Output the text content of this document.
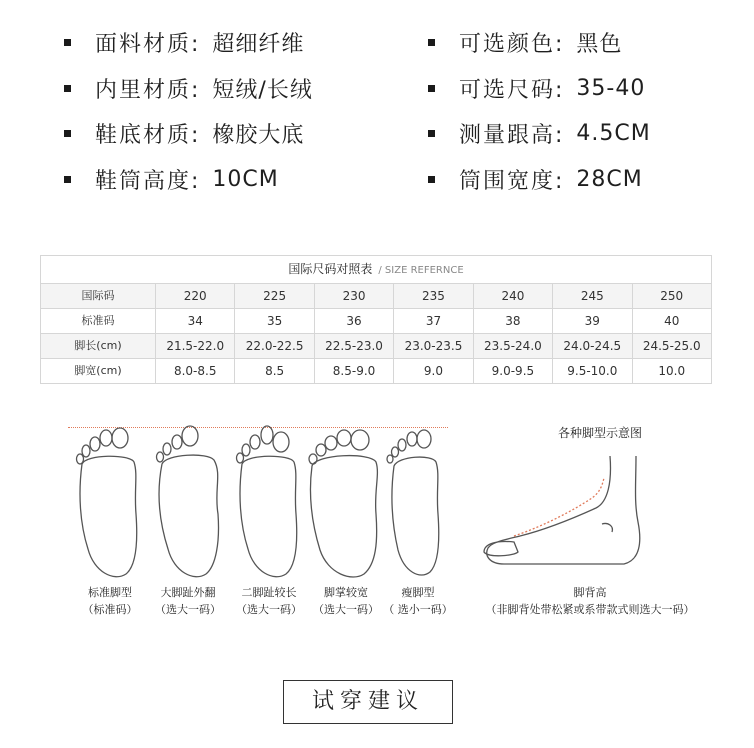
面料材质: 超细纤维	可选颜色: 黑色
内里材质: 短绒/长绒	可选尺码: 35-40
鞋底材质: 橡胶大底	测量跟高: 4.5CM
鞋筒高度: 10CM	筒围宽度: 28CM
国际尺码对照表 / SIZE REFERNCE
国际码	220	225	230	235	240	245	250
标准码	34	35	36	37	38	39	40
脚长(cm)	21.5-22.0	22.0-22.5	22.5-23.0	23.0-23.5	23.5-24.0	24.0-24.5	24.5-25.0
脚宽(cm)	8.0-8.5	8.5	8.5-9.0	9.0	9.0-9.5	9.5-10.0	10.0
标准脚型
（标准码）
大脚趾外翻
（选大一码）
二脚趾较长
（选大一码）
脚掌较宽
（选大一码）
瘦脚型
（ 选小一码）
各种脚型示意图
脚背高
（非脚背处带松紧或系带款式则选大一码）
试穿建议
